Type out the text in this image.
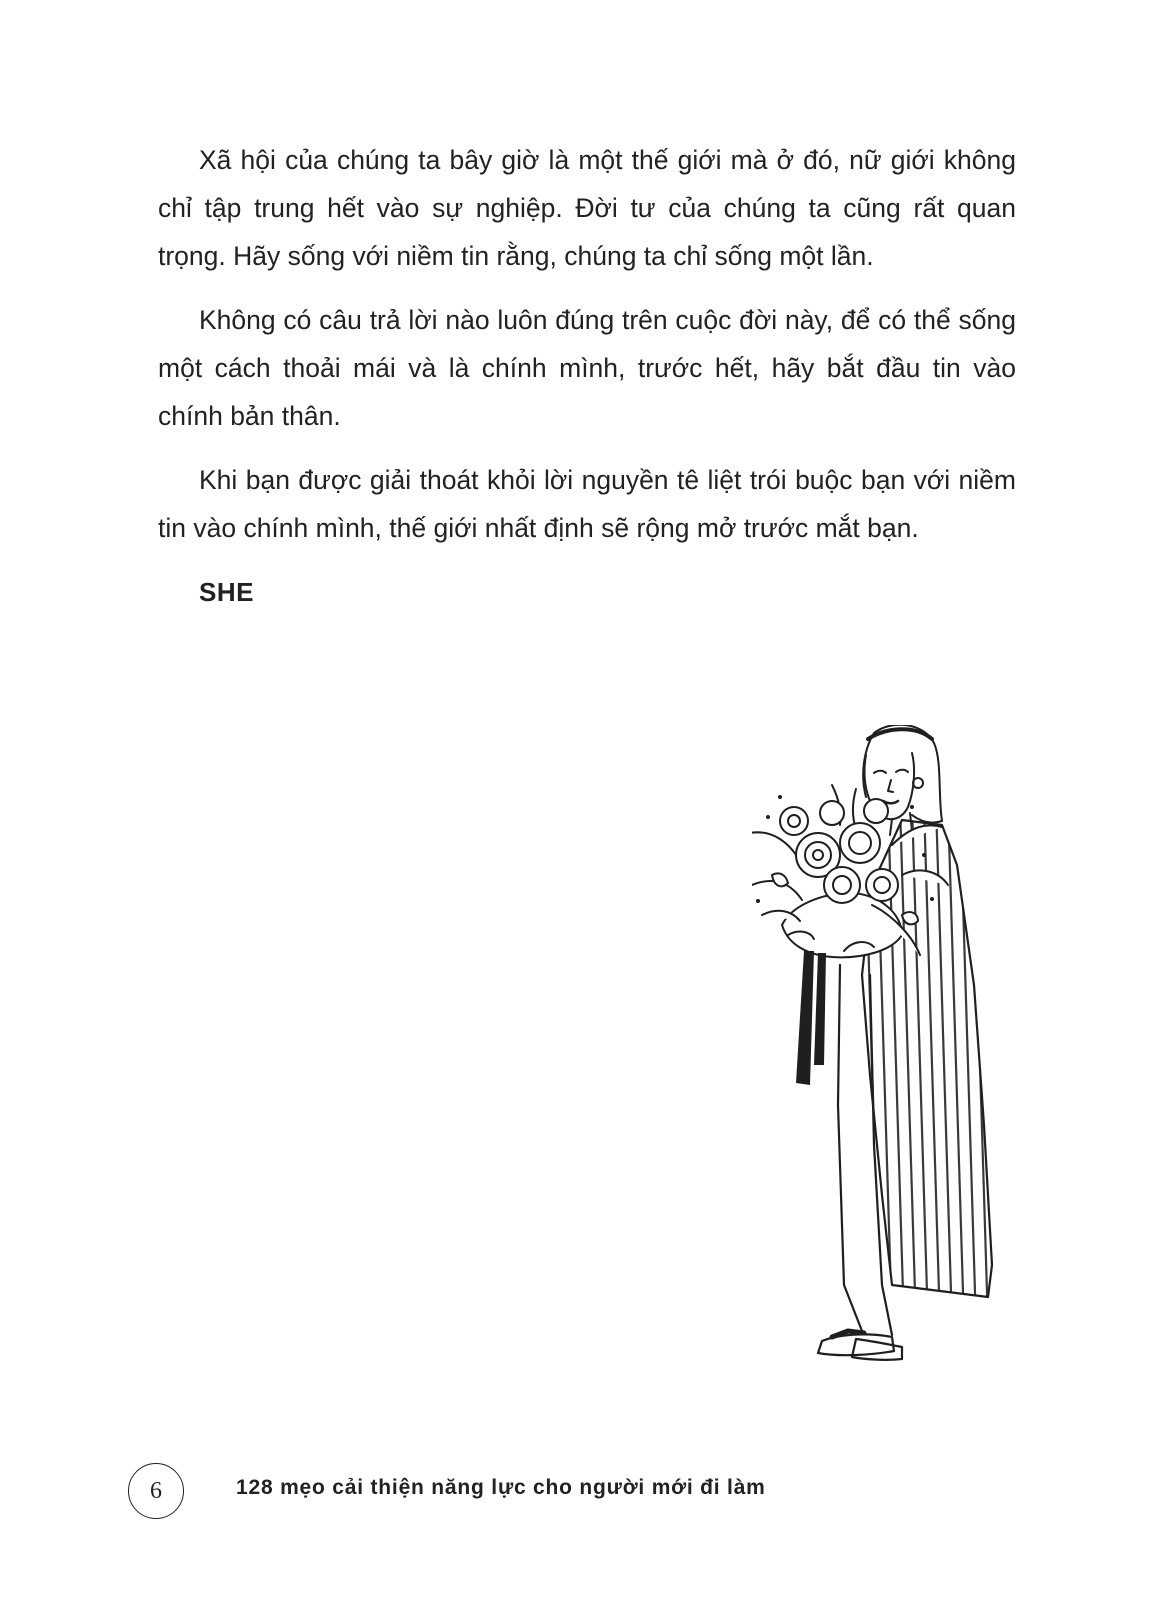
Xã hội của chúng ta bây giờ là một thế giới mà ở đó, nữ giới không chỉ tập trung hết vào sự nghiệp. Đời tư của chúng ta cũng rất quan trọng. Hãy sống với niềm tin rằng, chúng ta chỉ sống một lần.

Không có câu trả lời nào luôn đúng trên cuộc đời này, để có thể sống một cách thoải mái và là chính mình, trước hết, hãy bắt đầu tin vào chính bản thân.

Khi bạn được giải thoát khỏi lời nguyền tê liệt trói buộc bạn với niềm tin vào chính mình, thế giới nhất định sẽ rộng mở trước mắt bạn.

SHE

6	128 mẹo cải thiện năng lực cho người mới đi làm
